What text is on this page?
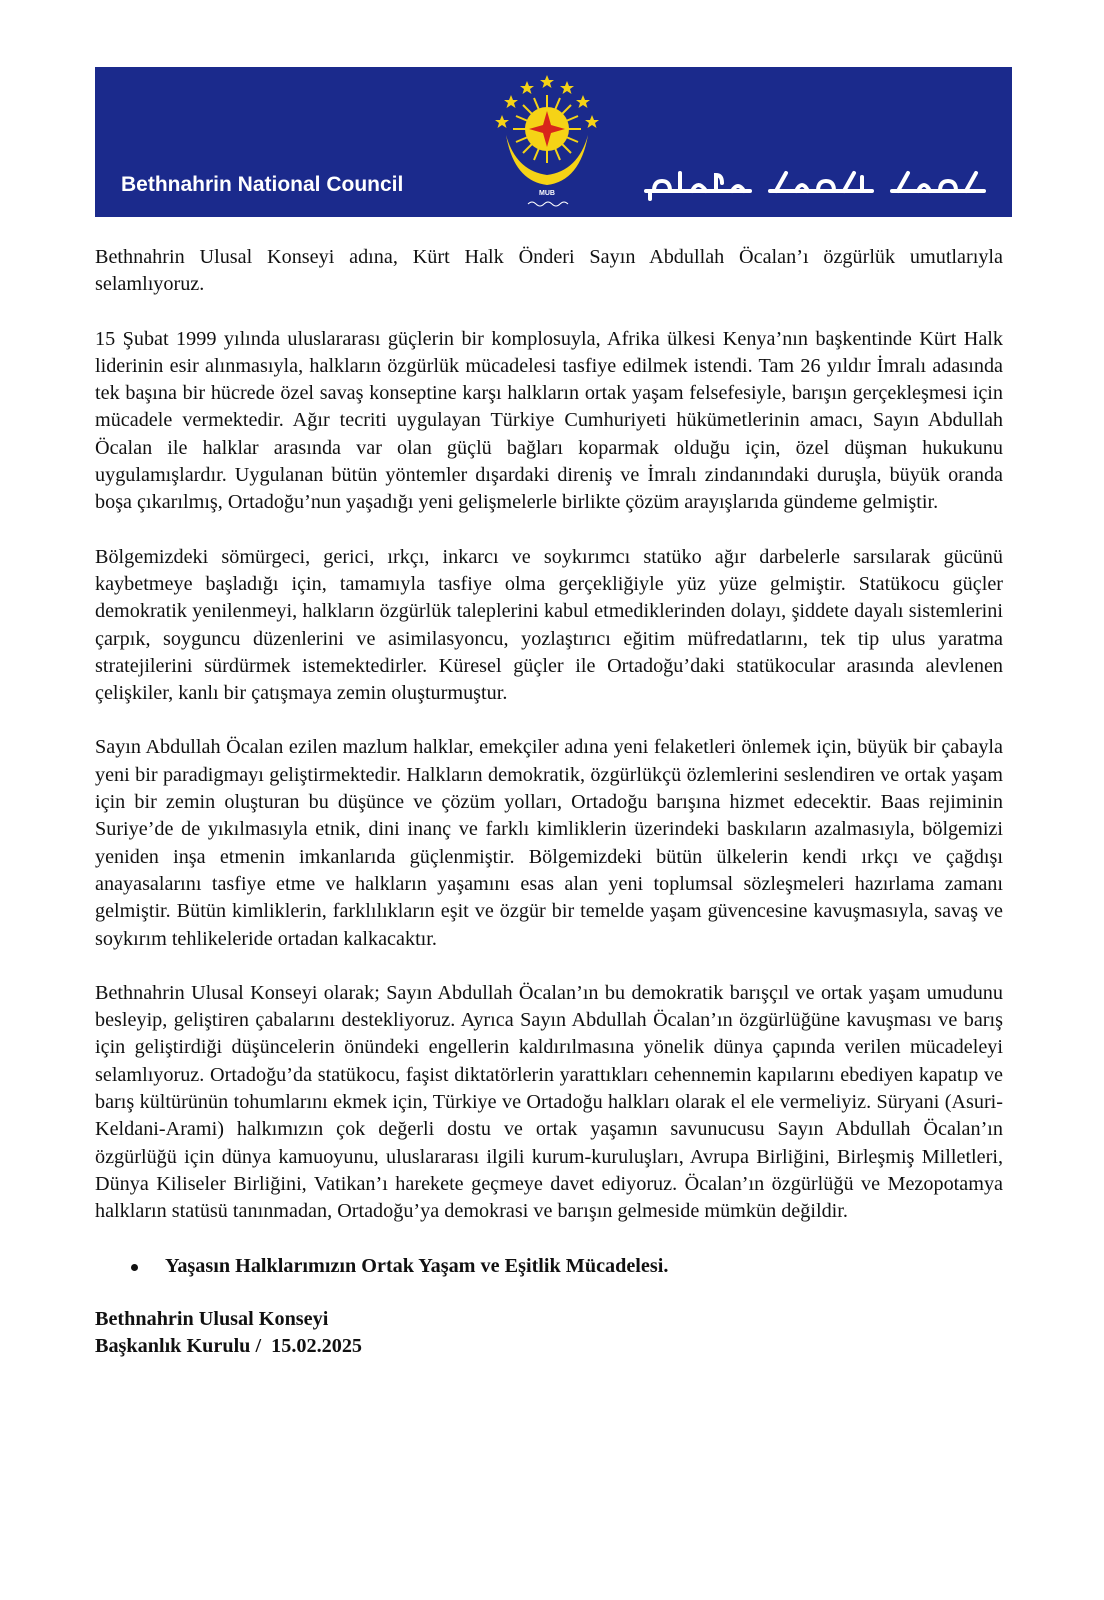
Bethnahrin National Council	MUB

Bethnahrin Ulusal Konseyi adına, Kürt Halk Önderi Sayın Abdullah Öcalan’ı özgürlük umutlarıyla selamlıyoruz.

15 Şubat 1999 yılında uluslararası güçlerin bir komplosuyla, Afrika ülkesi Kenya’nın başkentinde Kürt Halk liderinin esir alınmasıyla, halkların özgürlük mücadelesi tasfiye edilmek istendi. Tam 26 yıldır İmralı adasında tek başına bir hücrede özel savaş konseptine karşı halkların ortak yaşam felsefesiyle, barışın gerçekleşmesi için mücadele vermektedir. Ağır tecriti uygulayan Türkiye Cumhuriyeti hükümetlerinin amacı, Sayın Abdullah Öcalan ile halklar arasında var olan güçlü bağları koparmak olduğu için, özel düşman hukukunu uygulamışlardır. Uygulanan bütün yöntemler dışardaki direniş ve İmralı zindanındaki duruşla, büyük oranda boşa çıkarılmış, Ortadoğu’nun yaşadığı yeni gelişmelerle birlikte çözüm arayışlarıda gündeme gelmiştir.

Bölgemizdeki sömürgeci, gerici, ırkçı, inkarcı ve soykırımcı statüko ağır darbelerle sarsılarak gücünü kaybetmeye başladığı için, tamamıyla tasfiye olma gerçekliğiyle yüz yüze gelmiştir. Statükocu güçler demokratik yenilenmeyi, halkların özgürlük taleplerini kabul etmediklerinden dolayı, şiddete dayalı sistemlerini çarpık, soyguncu düzenlerini ve asimilasyoncu, yozlaştırıcı eğitim müfredatlarını, tek tip ulus yaratma stratejilerini sürdürmek istemektedirler. Küresel güçler ile Ortadoğu’daki statükocular arasında alevlenen çelişkiler, kanlı bir çatışmaya zemin oluşturmuştur.

Sayın Abdullah Öcalan ezilen mazlum halklar, emekçiler adına yeni felaketleri önlemek için, büyük bir çabayla yeni bir paradigmayı geliştirmektedir. Halkların demokratik, özgürlükçü özlemlerini seslendiren ve ortak yaşam için bir zemin oluşturan bu düşünce ve çözüm yolları, Ortadoğu barışına hizmet edecektir. Baas rejiminin Suriye’de de yıkılmasıyla etnik, dini inanç ve farklı kimliklerin üzerindeki baskıların azalmasıyla, bölgemizi yeniden inşa etmenin imkanlarıda güçlenmiştir. Bölgemizdeki bütün ülkelerin kendi ırkçı ve çağdışı anayasalarını tasfiye etme ve halkların yaşamını esas alan yeni toplumsal sözleşmeleri hazırlama zamanı gelmiştir. Bütün kimliklerin, farklılıkların eşit ve özgür bir temelde yaşam güvencesine kavuşmasıyla, savaş ve soykırım tehlikeleride ortadan kalkacaktır.

Bethnahrin Ulusal Konseyi olarak; Sayın Abdullah Öcalan’ın bu demokratik barışçıl ve ortak yaşam umudunu besleyip, geliştiren çabalarını destekliyoruz. Ayrıca Sayın Abdullah Öcalan’ın özgürlüğüne kavuşması ve barış için geliştirdiği düşüncelerin önündeki engellerin kaldırılmasına yönelik dünya çapında verilen mücadeleyi selamlıyoruz. Ortadoğu’da statükocu, faşist diktatörlerin yarattıkları cehennemin kapılarını ebediyen kapatıp ve barış kültürünün tohumlarını ekmek için, Türkiye ve Ortadoğu halkları olarak el ele vermeliyiz. Süryani (Asuri-Keldani-Arami) halkımızın çok değerli dostu ve ortak yaşamın savunucusu Sayın Abdullah Öcalan’ın özgürlüğü için dünya kamuoyunu, uluslararası ilgili kurum-kuruluşları, Avrupa Birliğini, Birleşmiş Milletleri, Dünya Kiliseler Birliğini, Vatikan’ı harekete geçmeye davet ediyoruz. Öcalan’ın özgürlüğü ve Mezopotamya halkların statüsü tanınmadan, Ortadoğu’ya demokrasi ve barışın gelmeside mümkün değildir.

Yaşasın Halklarımızın Ortak Yaşam ve Eşitlik Mücadelesi.
Bethnahrin Ulusal Konseyi
Başkanlık Kurulu /  15.02.2025
